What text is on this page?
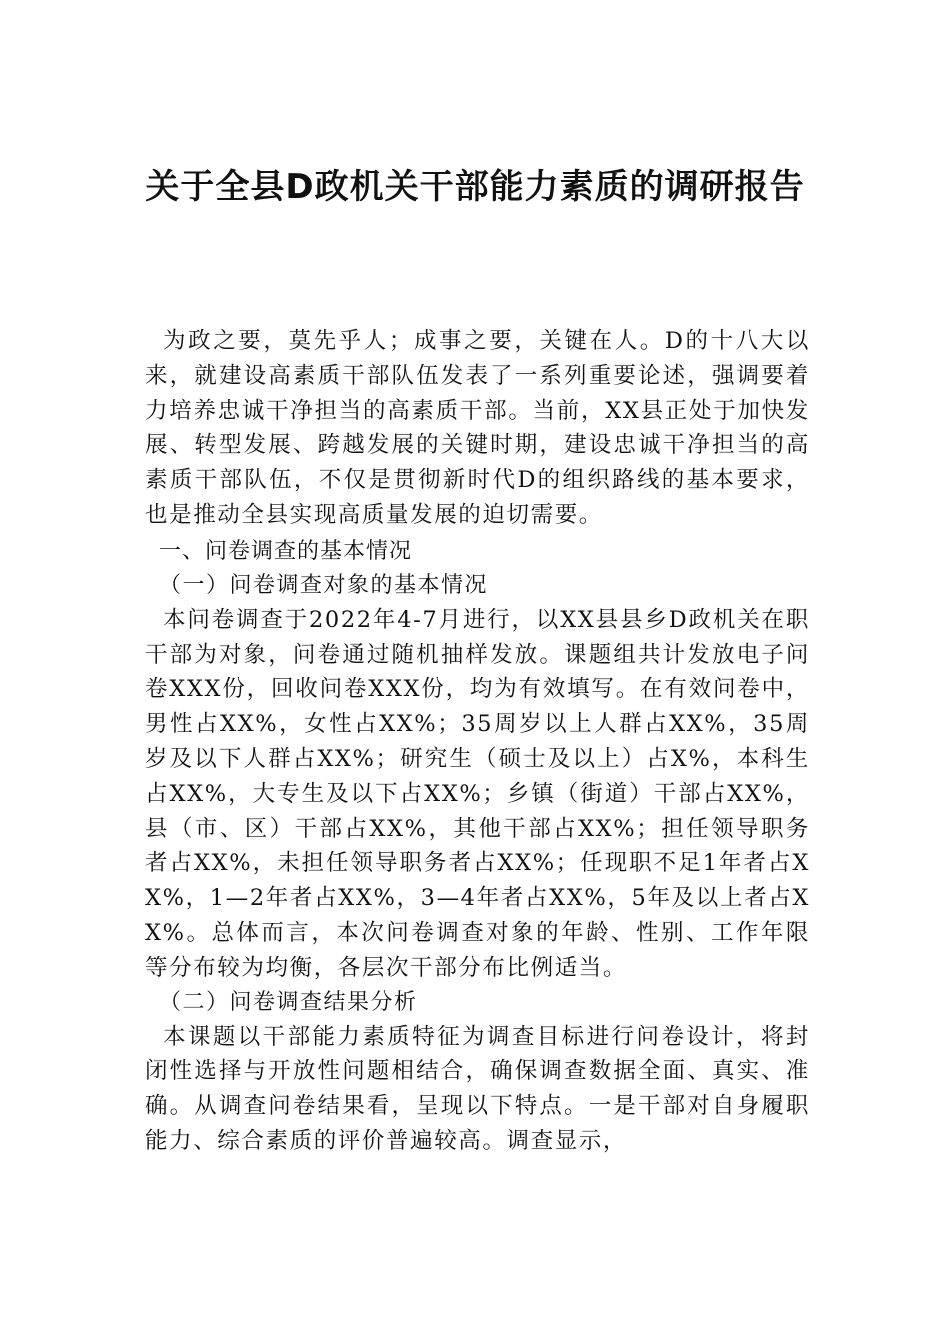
关于全县D政机关干部能力素质的调研报告

为政之要，莫先乎人；成事之要，关键在人。D的十八大以来，就建设高素质干部队伍发表了一系列重要论述，强调要着力培养忠诚干净担当的高素质干部。当前，XX县正处于加快发展、转型发展、跨越发展的关键时期，建设忠诚干净担当的高素质干部队伍，不仅是贯彻新时代D的组织路线的基本要求，也是推动全县实现高质量发展的迫切需要。

一、问卷调查的基本情况

（一）问卷调查对象的基本情况

本问卷调查于2022年4-7月进行，以XX县县乡D政机关在职干部为对象，问卷通过随机抽样发放。课题组共计发放电子问卷XXX份，回收问卷XXX份，均为有效填写。在有效问卷中，男性占XX%，女性占XX%；35周岁以上人群占XX%，35周岁及以下人群占XX%；研究生（硕士及以上）占X%，本科生占XX%，大专生及以下占XX%；乡镇（街道）干部占XX%，县（市、区）干部占XX%，其他干部占XX%；担任领导职务者占XX%，未担任领导职务者占XX%；任现职不足1年者占XX%，1—2年者占XX%，3—4年者占XX%，5年及以上者占XX%。总体而言，本次问卷调查对象的年龄、性别、工作年限等分布较为均衡，各层次干部分布比例适当。

（二）问卷调查结果分析

本课题以干部能力素质特征为调查目标进行问卷设计，将封闭性选择与开放性问题相结合，确保调查数据全面、真实、准确。从调查问卷结果看，呈现以下特点。一是干部对自身履职能力、综合素质的评价普遍较高。调查显示，
